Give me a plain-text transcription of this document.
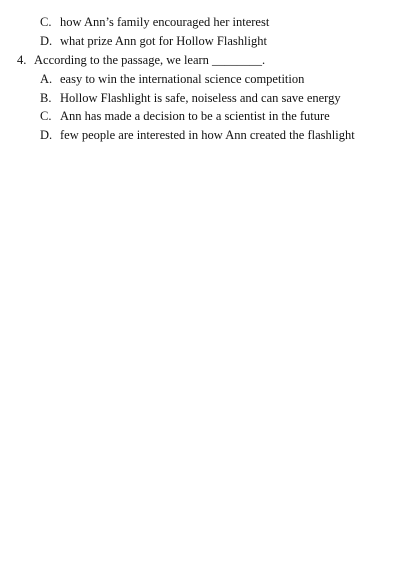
C. how Ann’s family encouraged her interest
D. what prize Ann got for Hollow Flashlight
4. According to the passage, we learn ________.
A. easy to win the international science competition
B. Hollow Flashlight is safe, noiseless and can save energy
C. Ann has made a decision to be a scientist in the future
D. few people are interested in how Ann created the flashlight
